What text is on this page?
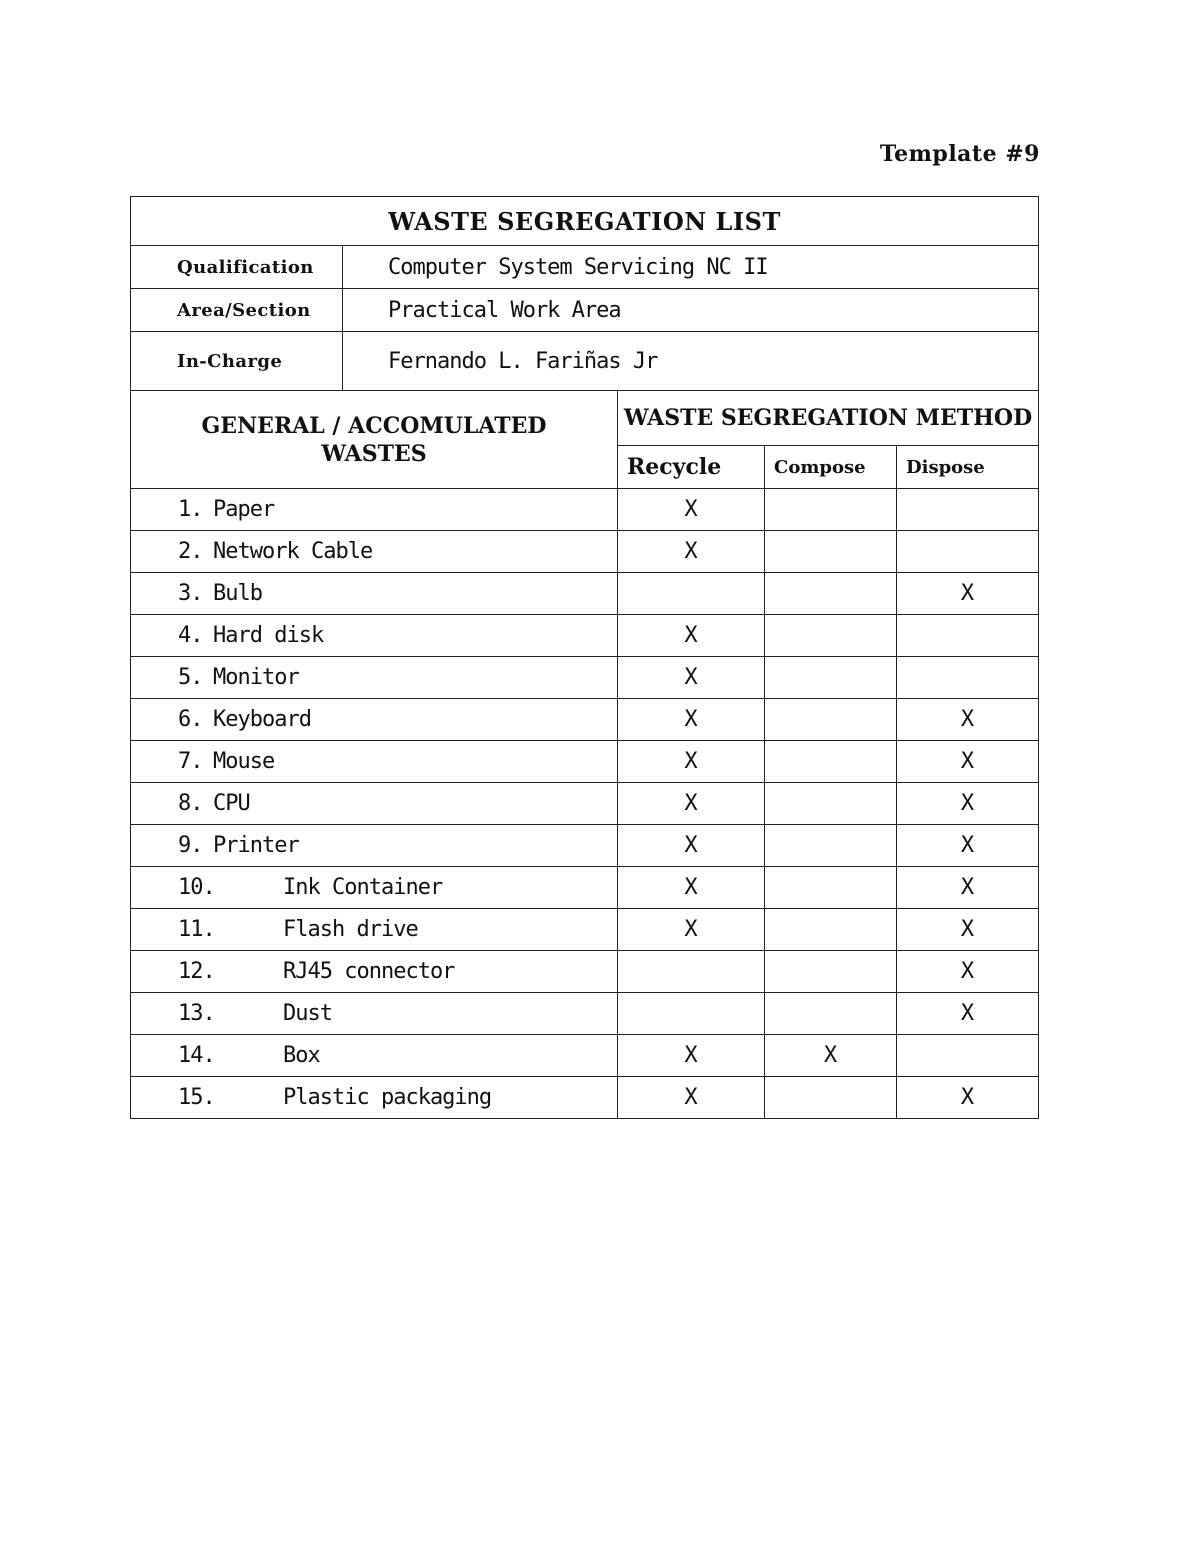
Template #9
WASTE SEGREGATION LIST				
Qualification	Computer System Servicing NC II			
Area/Section	Practical Work Area			
In-Charge	Fernando L. Fariñas Jr			
GENERAL / ACCOMULATED WASTES		WASTE SEGREGATION METHOD		
		Recycle	Compose	Dispose
1. Paper		X		
2. Network Cable		X		
3. Bulb				X
4. Hard disk		X		
5. Monitor		X		
6. Keyboard		X		X
7. Mouse		X		X
8. CPU		X		X
9. Printer		X		X
10. Ink Container		X		X
11. Flash drive		X		X
12. RJ45 connector				X
13. Dust				X
14. Box		X	X	
15. Plastic packaging		X		X
